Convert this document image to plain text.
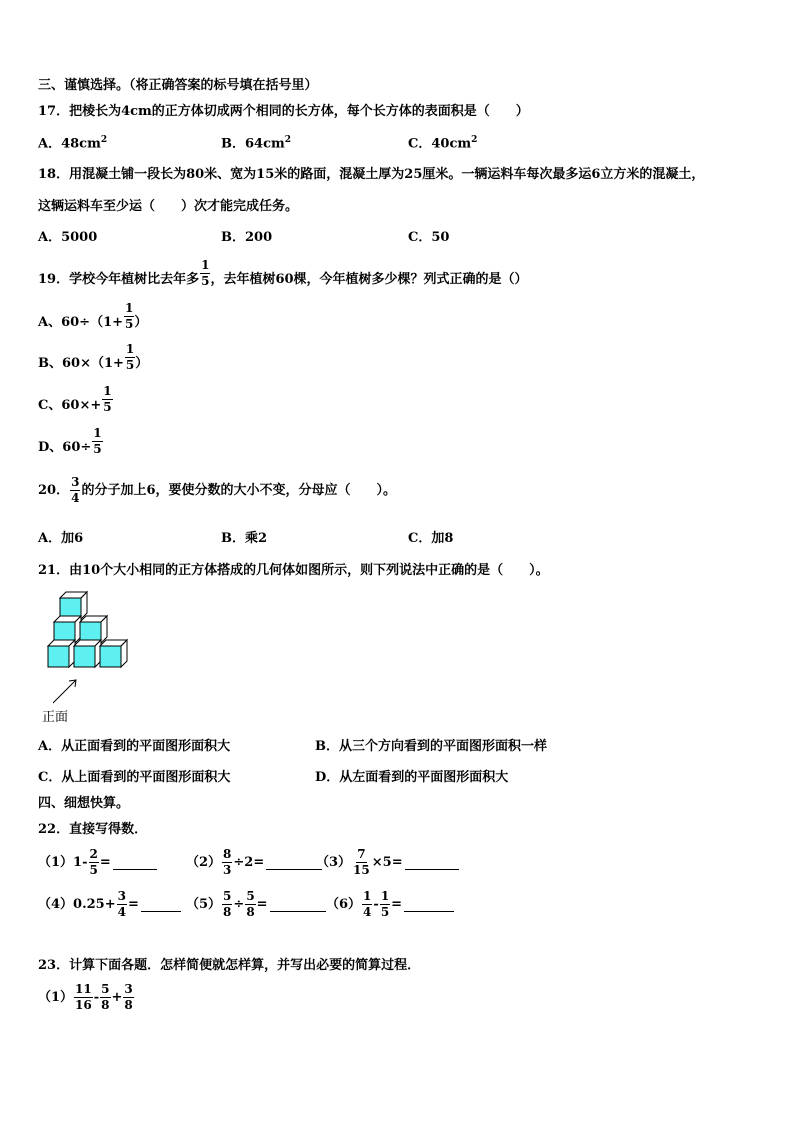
三、谨慎选择。（将正确答案的标号填在括号里）
17．把棱长为4cm的正方体切成两个相同的长方体，每个长方体的表面积是（　　）
A．$48cm^2$	B．$64cm^2$	C．$40cm^2$
18．用混凝土铺一段长为80米、宽为15米的路面，混凝土厚为25厘米。一辆运料车每次最多运6立方米的混凝土，
这辆运料车至少运（　　）次才能完成任务。
A．5000	B．200	C．50
19．学校今年植树比去年多 $\frac{1}{5}$ ，去年植树60棵，今年植树多少棵？列式正确的是（）
A、$60\div(1+ \frac{1}{5}$ ）
B、$60\times(1+ \frac{1}{5}$ ）
C、$60\times+ \frac{1}{5}$
D、$60\div \frac{1}{5}$
20． $\frac{3}{4}$ 的分子加上6，要使分数的大小不变，分母应（　　）。
A．加6	B．乘2	C．加8
21．由10个大小相同的正方体搭成的几何体如图所示，则下列说法中正确的是（　　）。
正面
A．从正面看到的平面图形面积大	B．从三个方向看到的平面图形面积一样
C．从上面看到的平面图形面积大	D．从左面看到的平面图形面积大
四、细想快算。
22．直接写得数．
$(1)1- \frac{2}{5}$ =	$(2) \frac{8}{3} \div 2=$	$(3) \frac{7}{15} \times 5=$
$(4)0.25+ \frac{3}{4}$ =	$(5) \frac{5}{8} \div \frac{5}{8}$ =	$(6) \frac{1}{4} - \frac{1}{5}$ =
23．计算下面各题．怎样简便就怎样算，并写出必要的简算过程．
$(1) \frac{11}{16} - \frac{5}{8} + \frac{3}{8}$
